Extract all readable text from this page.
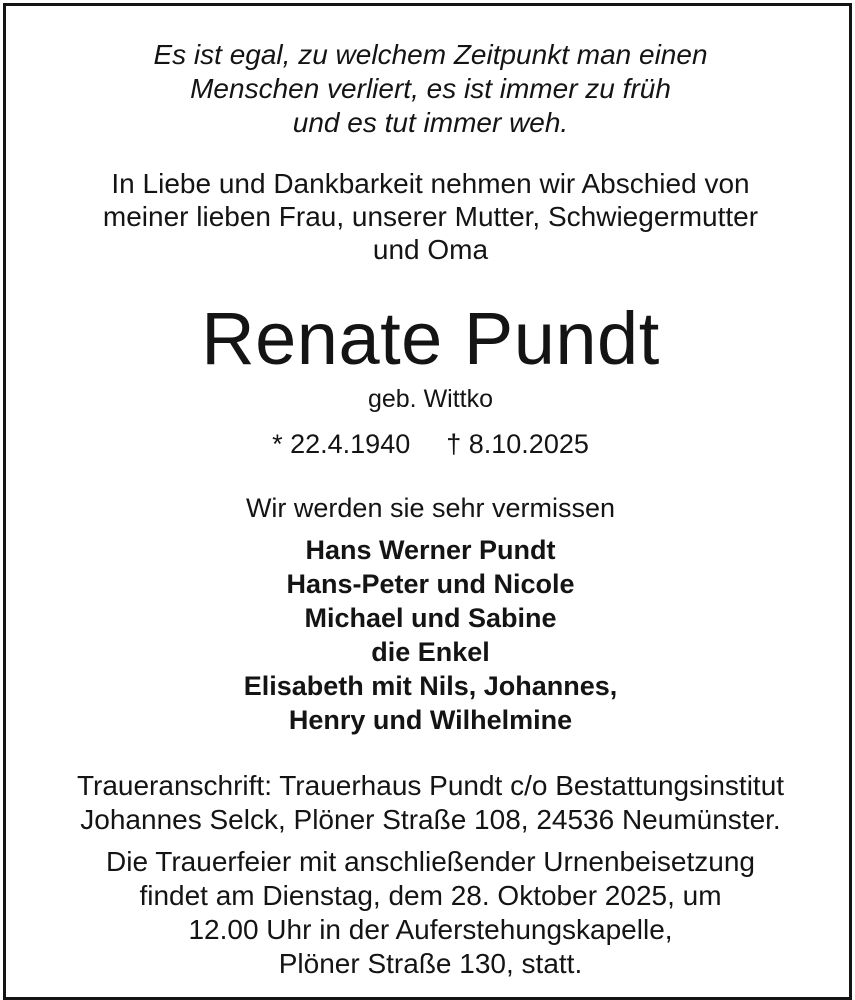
Es ist egal, zu welchem Zeitpunkt man einen
Menschen verliert, es ist immer zu früh
und es tut immer weh.
In Liebe und Dankbarkeit nehmen wir Abschied von
meiner lieben Frau, unserer Mutter, Schwiegermutter
und Oma
Renate Pundt
geb. Wittko
* 22.4.1940 † 8.10.2025
Wir werden sie sehr vermissen
Hans Werner Pundt
Hans-Peter und Nicole
Michael und Sabine
die Enkel
Elisabeth mit Nils, Johannes,
Henry und Wilhelmine
Traueranschrift: Trauerhaus Pundt c/o Bestattungsinstitut
Johannes Selck, Plöner Straße 108, 24536 Neumünster.
Die Trauerfeier mit anschließender Urnenbeisetzung
findet am Dienstag, dem 28. Oktober 2025, um
12.00 Uhr in der Auferstehungskapelle,
Plöner Straße 130, statt.
